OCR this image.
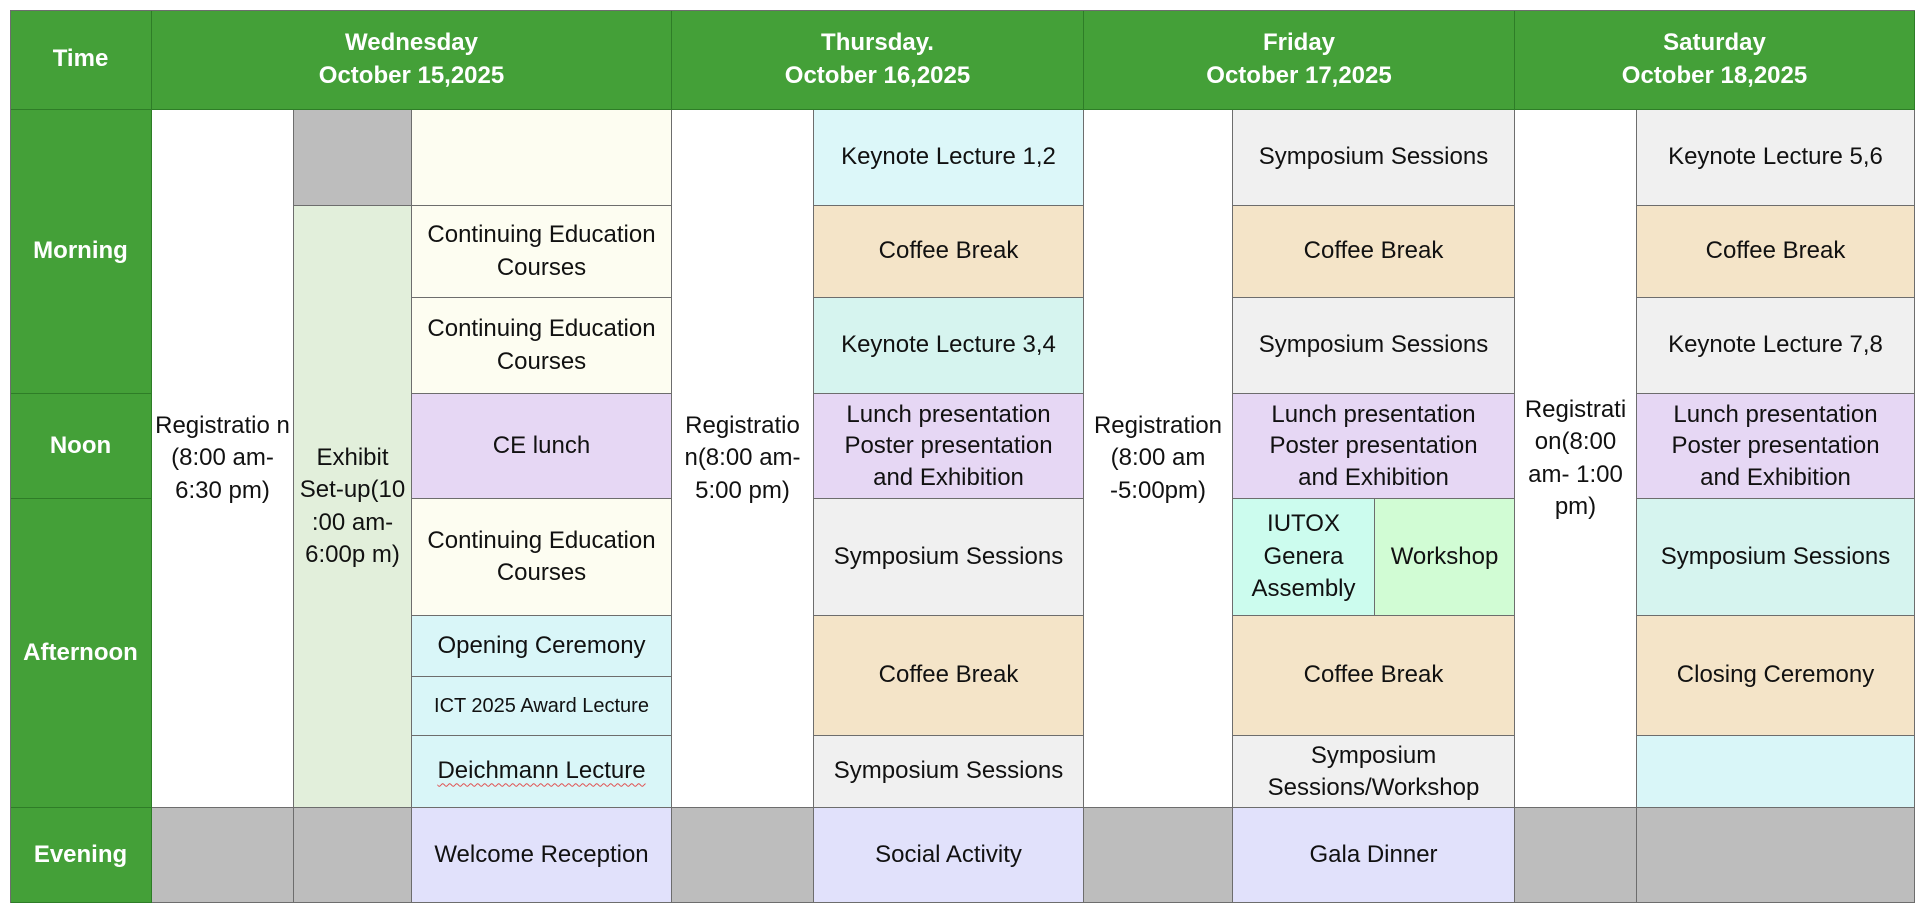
Time
Wednesday
October 15,2025
Thursday.
October 16,2025
Friday
October 17,2025
Saturday
October 18,2025
Morning
Noon
Afternoon
Evening
Registratio n (8:00 am-6:30 pm)
Exhibit Set-up(10 :00 am-6:00p m)
Continuing Education Courses
Continuing Education Courses
CE lunch
Continuing Education Courses
Opening Ceremony
ICT 2025 Award Lecture
Deichmann Lecture
Welcome Reception
Registratio n(8:00 am-5:00 pm)
Keynote Lecture 1,2
Coffee Break
Keynote Lecture 3,4
Lunch presentation
Poster presentation
and Exhibition
Symposium Sessions
Coffee Break
Symposium Sessions
Social Activity
Registration (8:00 am -5:00pm)
Symposium Sessions
Coffee Break
Symposium Sessions
Lunch presentation
Poster presentation
and Exhibition
IUTOX Genera Assembly
Workshop
Coffee Break
Symposium Sessions/Workshop
Gala Dinner
Registrati on(8:00 am- 1:00 pm)
Keynote Lecture 5,6
Coffee Break
Keynote Lecture 7,8
Lunch presentation
Poster presentation
and Exhibition
Symposium Sessions
Closing Ceremony
